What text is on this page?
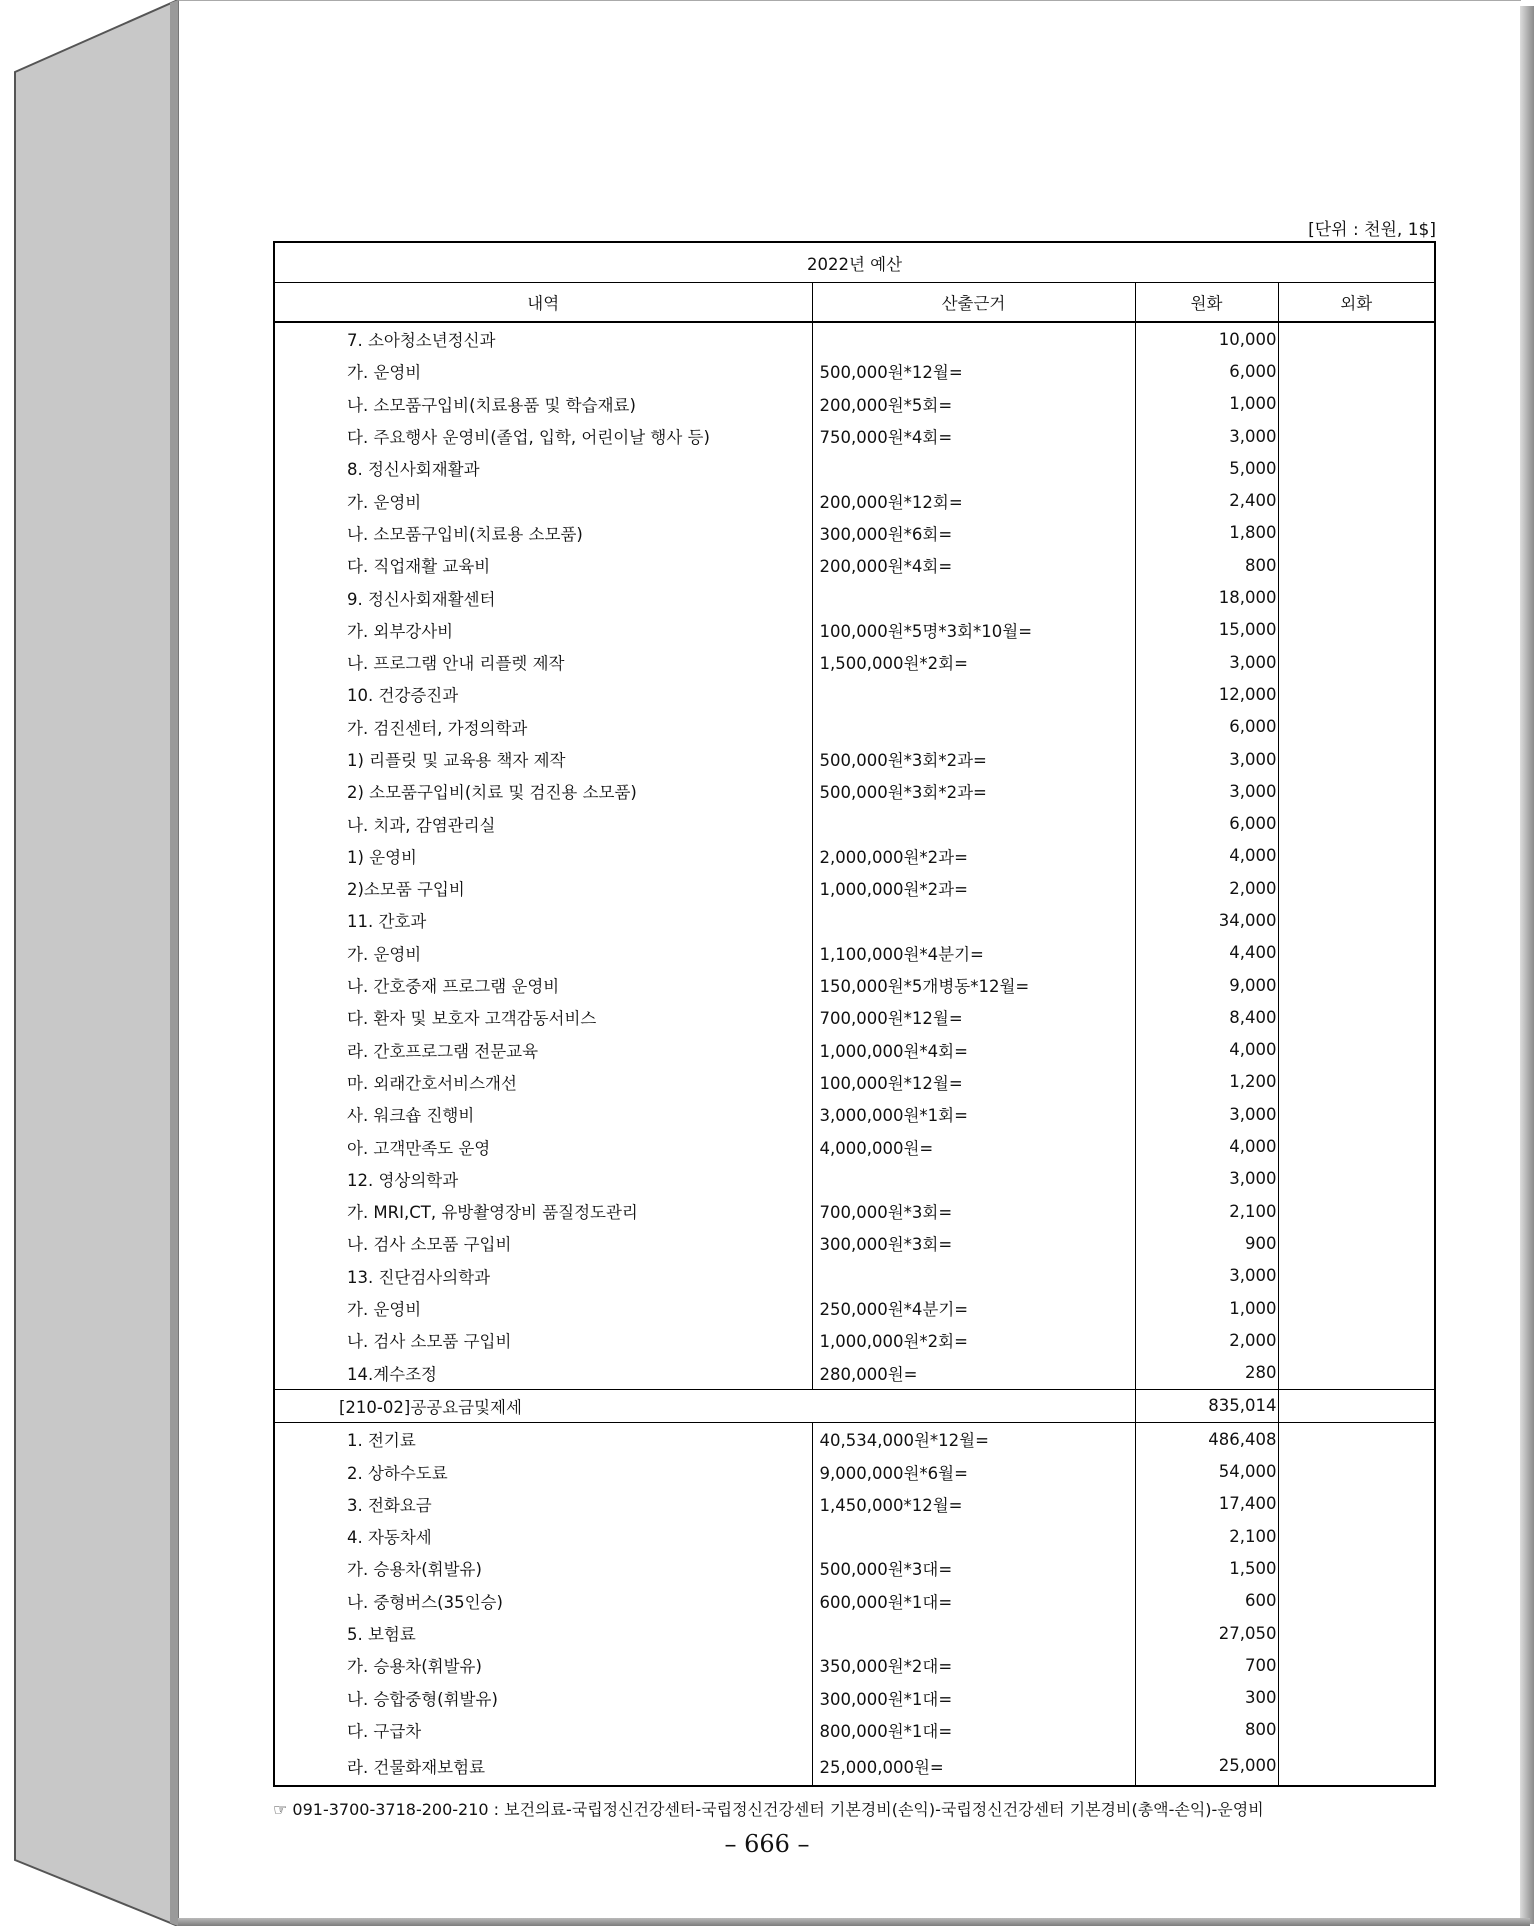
[단위 : 천원, 1$]
2022년 예산			
내역	산출근거	원화	외화
7. 소아청소년정신과		10,000	
가. 운영비	500,000원*12월=	6,000	
나. 소모품구입비(치료용품 및 학습재료)	200,000원*5회=	1,000	
다. 주요행사 운영비(졸업, 입학, 어린이날 행사 등)	750,000원*4회=	3,000	
8. 정신사회재활과		5,000	
가. 운영비	200,000원*12회=	2,400	
나. 소모품구입비(치료용 소모품)	300,000원*6회=	1,800	
다. 직업재활 교육비	200,000원*4회=	800	
9. 정신사회재활센터		18,000	
가. 외부강사비	100,000원*5명*3회*10월=	15,000	
나. 프로그램 안내 리플렛 제작	1,500,000원*2회=	3,000	
10. 건강증진과		12,000	
가. 검진센터, 가정의학과		6,000	
1) 리플릿 및 교육용 책자 제작	500,000원*3회*2과=	3,000	
2) 소모품구입비(치료 및 검진용 소모품)	500,000원*3회*2과=	3,000	
나. 치과, 감염관리실		6,000	
1) 운영비	2,000,000원*2과=	4,000	
2)소모품 구입비	1,000,000원*2과=	2,000	
11. 간호과		34,000	
가. 운영비	1,100,000원*4분기=	4,400	
나. 간호중재 프로그램 운영비	150,000원*5개병동*12월=	9,000	
다. 환자 및 보호자 고객감동서비스	700,000원*12월=	8,400	
라. 간호프로그램 전문교육	1,000,000원*4회=	4,000	
마. 외래간호서비스개선	100,000원*12월=	1,200	
사. 워크숍 진행비	3,000,000원*1회=	3,000	
아. 고객만족도 운영	4,000,000원=	4,000	
12. 영상의학과		3,000	
가. MRI,CT, 유방촬영장비 품질정도관리	700,000원*3회=	2,100	
나. 검사 소모품 구입비	300,000원*3회=	900	
13. 진단검사의학과		3,000	
가. 운영비	250,000원*4분기=	1,000	
나. 검사 소모품 구입비	1,000,000원*2회=	2,000	
14.계수조정	280,000원=	280	
[210-02]공공요금및제세		835,014	
1. 전기료	40,534,000원*12월=	486,408	
2. 상하수도료	9,000,000원*6월=	54,000	
3. 전화요금	1,450,000*12월=	17,400	
4. 자동차세		2,100	
가. 승용차(휘발유)	500,000원*3대=	1,500	
나. 중형버스(35인승)	600,000원*1대=	600	
5. 보험료		27,050	
가. 승용차(휘발유)	350,000원*2대=	700	
나. 승합중형(휘발유)	300,000원*1대=	300	
다. 구급차	800,000원*1대=	800	
라. 건물화재보험료	25,000,000원=	25,000	
☞ 091-3700-3718-200-210 : 보건의료-국립정신건강센터-국립정신건강센터 기본경비(손익)-국립정신건강센터 기본경비(총액-손익)-운영비
– 666 –
